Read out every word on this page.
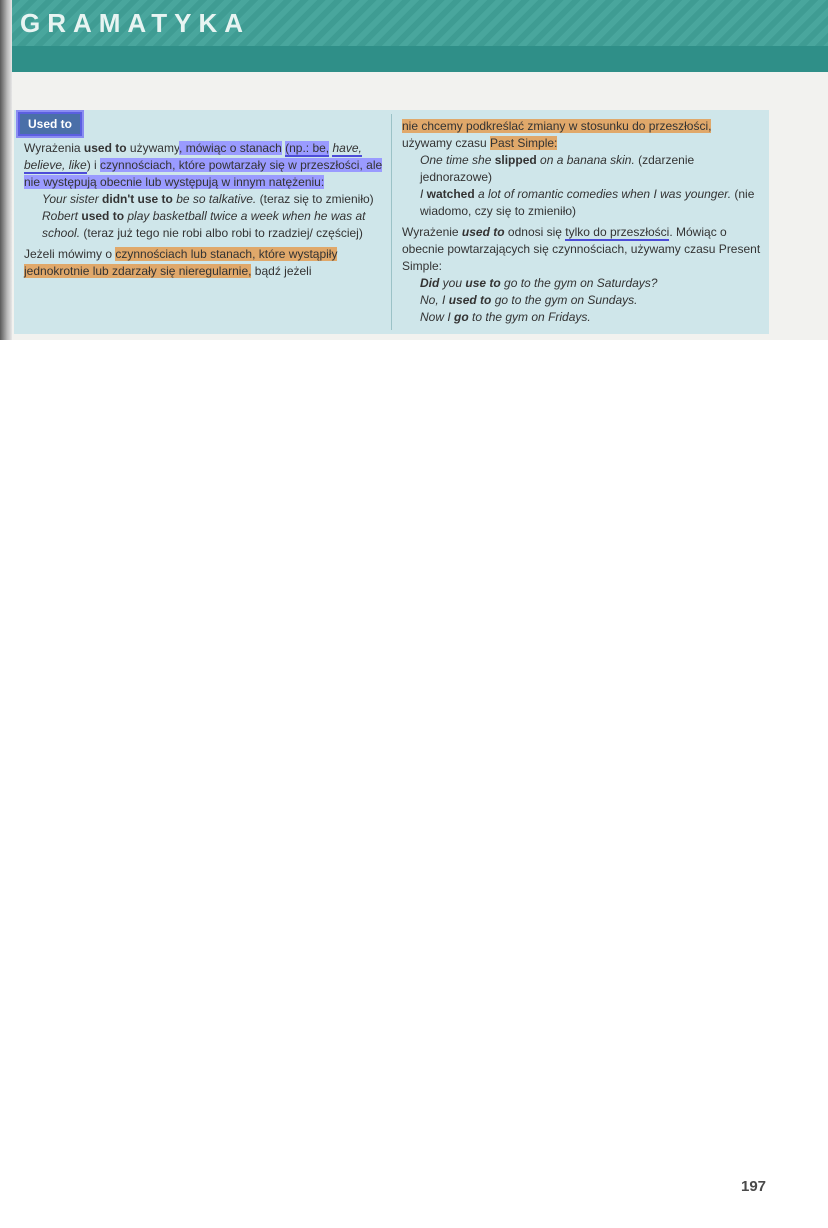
GRAMATYKA
Used to

Wyrażenia used to używamy, mówiąc o stanach (np.: be, have, believe, like) i czynnościach, które powtarzały się w przeszłości, ale nie występują obecnie lub występują w innym natężeniu:

Your sister didn't use to be so talkative. (teraz się to zmieniło)

Robert used to play basketball twice a week when he was at school. (teraz już tego nie robi albo robi to rzadziej/ częściej)

Jeżeli mówimy o czynnościach lub stanach, które wystąpiły jednokrotnie lub zdarzały się nieregularnie, bądź jeżeli

nie chcemy podkreślać zmiany w stosunku do przeszłości, używamy czasu Past Simple:

One time she slipped on a banana skin. (zdarzenie jednorazowe)

I watched a lot of romantic comedies when I was younger. (nie wiadomo, czy się to zmieniło)

Wyrażenie used to odnosi się tylko do przeszłości. Mówiąc o obecnie powtarzających się czynnościach, używamy czasu Present Simple:

Did you use to go to the gym on Saturdays?

No, I used to go to the gym on Sundays.

Now I go to the gym on Fridays.

197
